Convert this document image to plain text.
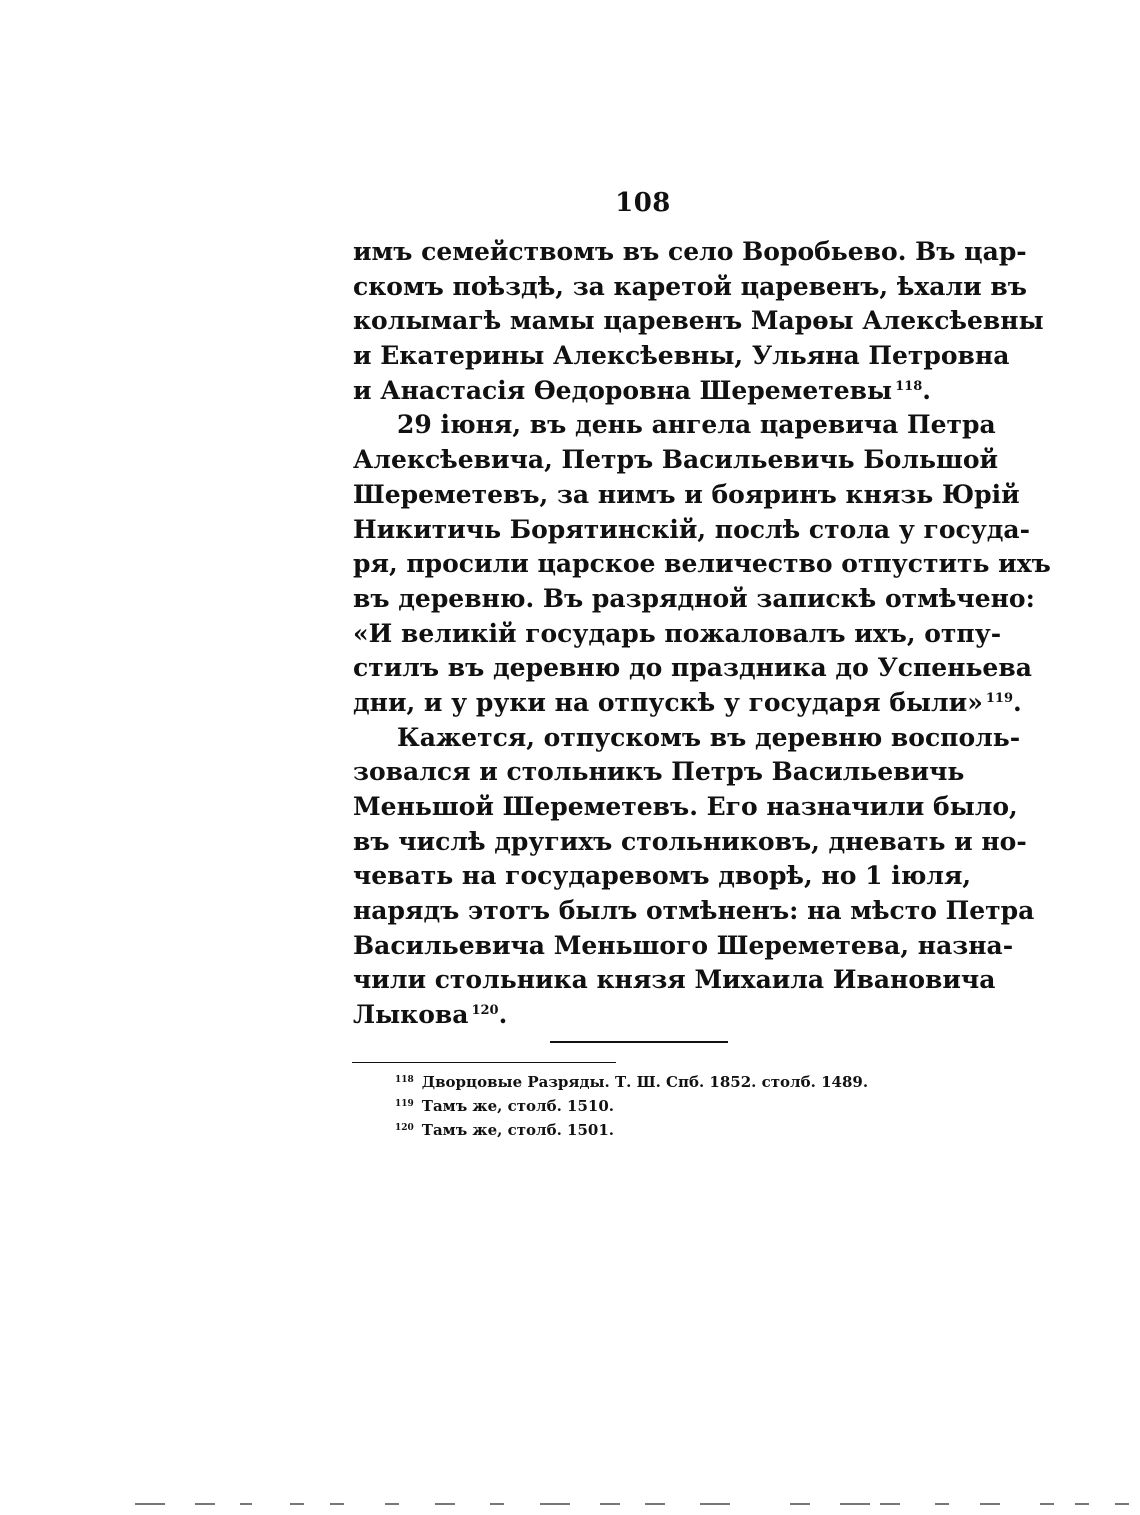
108
имъ семействомъ въ село Воробьево. Въ цар-
скомъ поѣздѣ, за каретой царевенъ, ѣхали въ
колымагѣ мамы царевенъ Марѳы Алексѣевны
и Екатерины Алексѣевны, Ульяна Петровна
и Анастасія Ѳедоровна Шереметевы $^{118}$.
29 іюня, въ день ангела царевича Петра
Алексѣевича, Петръ Васильевичь Большой
Шереметевъ, за нимъ и бояринъ князь Юрій
Никитичь Борятинскій, послѣ стола у госуда-
ря, просили царское величество отпустить ихъ
въ деревню. Въ разрядной запискѣ отмѣчено:
«И великій государь пожаловалъ ихъ, отпу-
стилъ въ деревню до праздника до Успеньева
дни, и у руки на отпускѣ у государя были» $^{119}$.
Кажется, отпускомъ въ деревню восполь-
зовался и стольникъ Петръ Васильевичь
Меньшой Шереметевъ. Его назначили было,
въ числѣ другихъ стольниковъ, дневать и но-
чевать на государевомъ дворѣ, но 1 іюля,
нарядъ этотъ былъ отмѣненъ: на мѣсто Петра
Васильевича Меньшого Шереметева, назна-
чили стольника князя Михаила Ивановича
Лыкова $^{120}$.
$^{118}$ Дворцовые Разряды. Т. Ш. Спб. 1852. столб. 1489.
$^{119}$ Тамъ же, столб. 1510.
$^{120}$ Тамъ же, столб. 1501.
